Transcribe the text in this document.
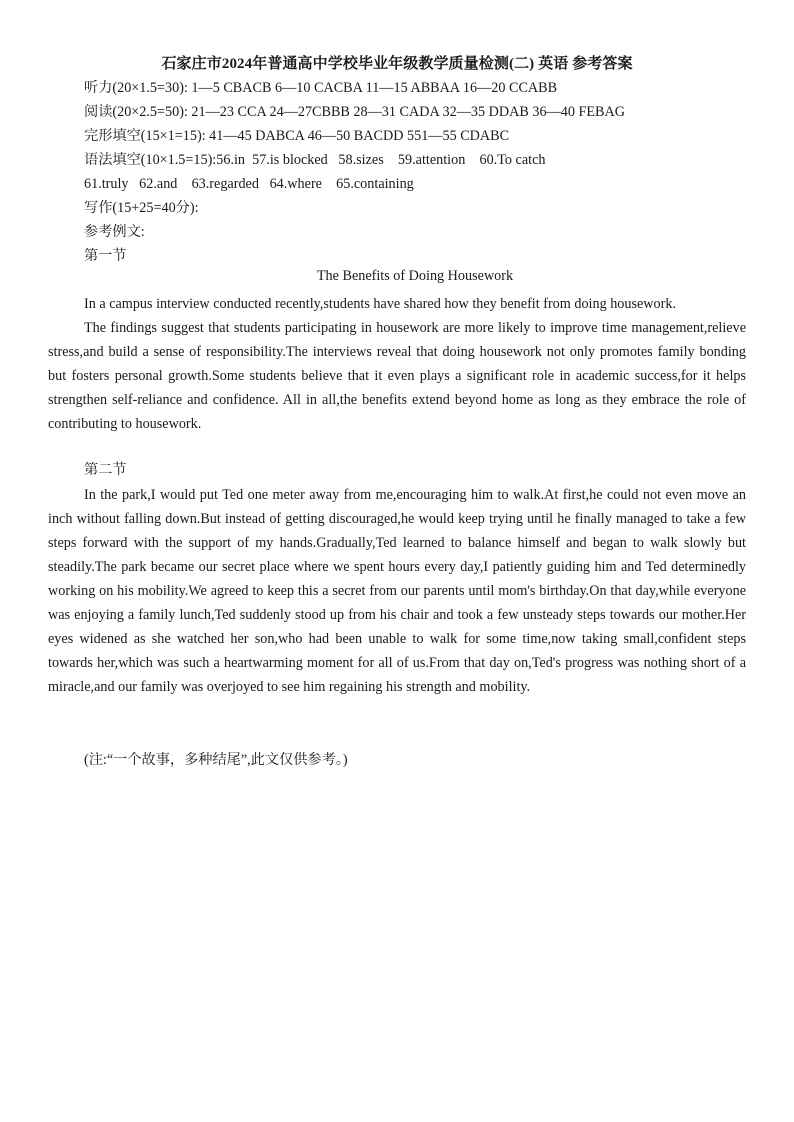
石家庄市2024年普通高中学校毕业年级教学质量检测(二) 英语 参考答案
听力(20×1.5=30): 1—5 CBACB 6—10 CACBA 11—15 ABBAA 16—20 CCABB
阅读(20×2.5=50): 21—23 CCA 24—27CBBB 28—31 CADA 32—35 DDAB 36—40 FEBAG
完形填空(15×1=15): 41—45 DABCA 46—50 BACDD 551—55 CDABC
语法填空(10×1.5=15):56.in  57.is blocked   58.sizes    59.attention    60.To catch
61.truly   62.and    63.regarded   64.where    65.containing
写作(15+25=40分):
参考例文:
第一节
The Benefits of Doing Housework
In a campus interview conducted recently,students have shared how they benefit from doing housework.
The findings suggest that students participating in housework are more likely to improve time management,relieve stress,and build a sense of responsibility.The interviews reveal that doing housework not only promotes family bonding but fosters personal growth.Some students believe that it even plays a significant role in academic success,for it helps strengthen self-reliance and confidence. All in all,the benefits extend beyond home as long as they embrace the role of contributing to housework.
第二节
In the park,I would put Ted one meter away from me,encouraging him to walk.At first,he could not even move an inch without falling down.But instead of getting discouraged,he would keep trying until he finally managed to take a few steps forward with the support of my hands.Gradually,Ted learned to balance himself and began to walk slowly but steadily.The park became our secret place where we spent hours every day,I patiently guiding him and Ted determinedly working on his mobility.We agreed to keep this a secret from our parents until mom's birthday.On that day,while everyone was enjoying a family lunch,Ted suddenly stood up from his chair and took a few unsteady steps towards our mother.Her eyes widened as she watched her son,who had been unable to walk for some time,now taking small,confident steps towards her,which was such a heartwarming moment for all of us.From that day on,Ted's progress was nothing short of a miracle,and our family was overjoyed to see him regaining his strength and mobility.
(注:“一个故事，多种结尾”,此文仅供参考。)
